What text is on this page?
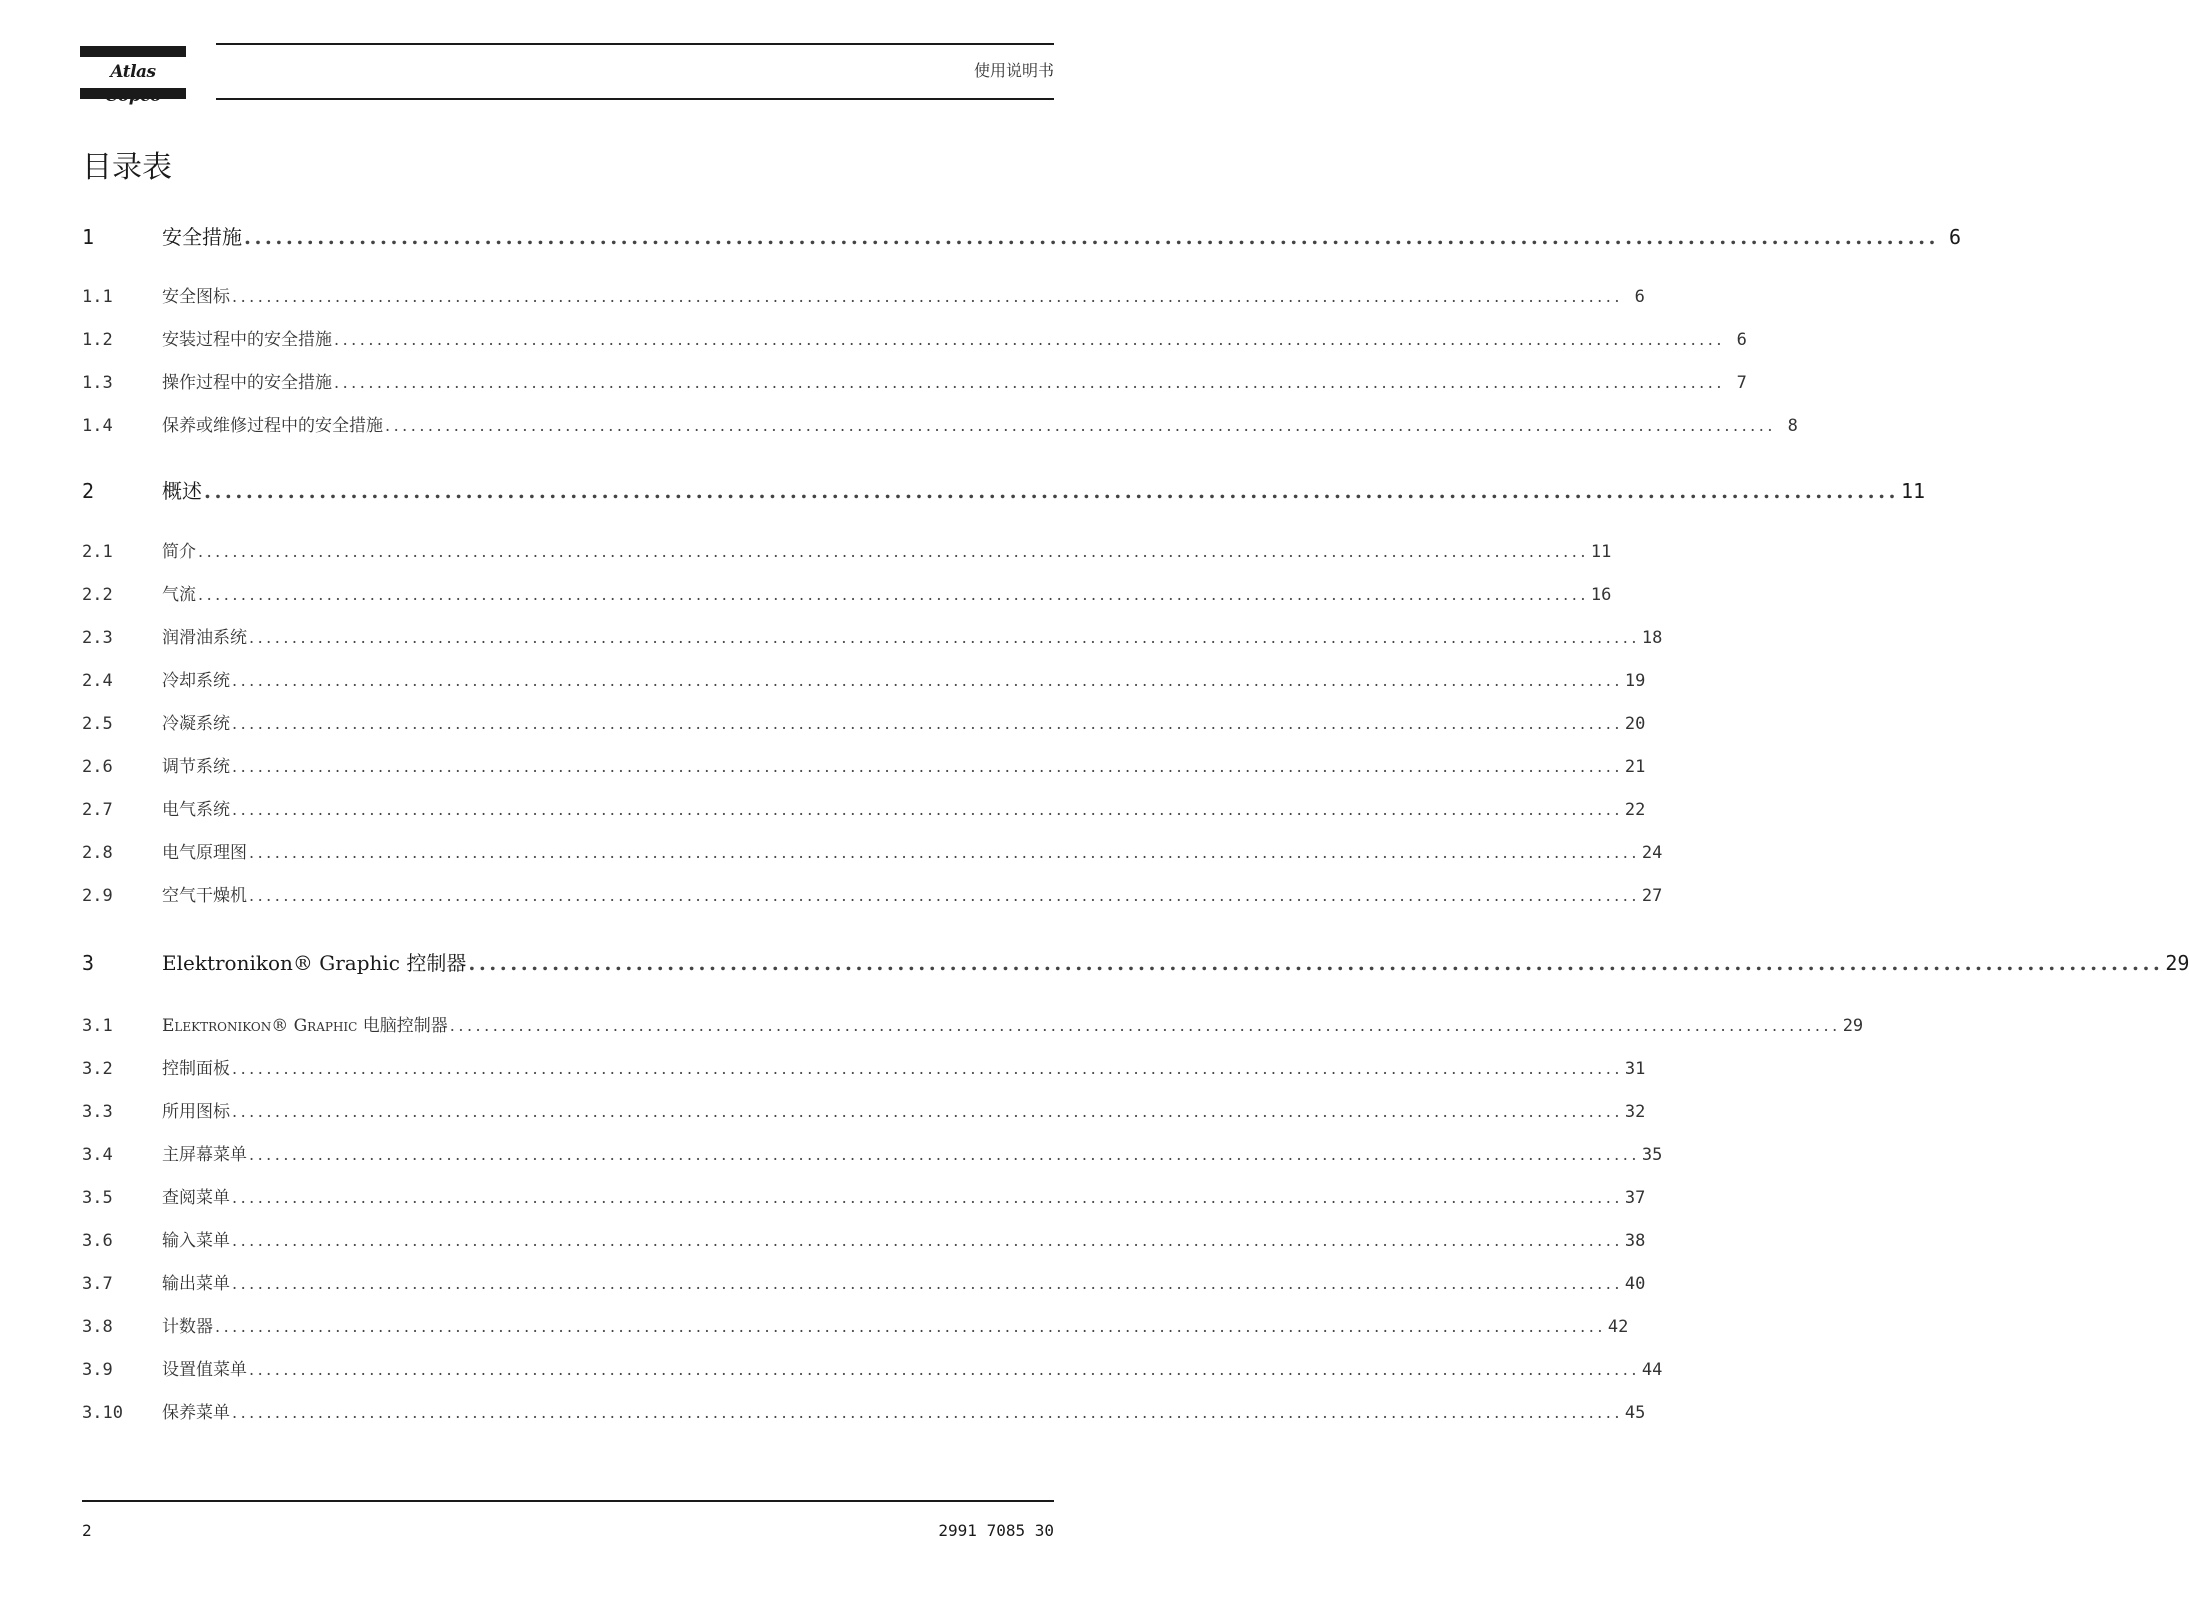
Atlas	使用说明书
目录表
1	安全措施 .................................................................................................................................................................. 6
1.1	安全图标 .................................................................................................................................................................. 6
1.2	安装过程中的安全措施 .................................................................................................................................................................. 6
1.3	操作过程中的安全措施 .................................................................................................................................................................. 7
1.4	保养或维修过程中的安全措施 .................................................................................................................................................................. 8
2	概述 .................................................................................................................................................................. 11
2.1	简介 .................................................................................................................................................................. 11
2.2	气流 .................................................................................................................................................................. 16
2.3	润滑油系统 .................................................................................................................................................................. 18
2.4	冷却系统 .................................................................................................................................................................. 19
2.5	冷凝系统 .................................................................................................................................................................. 20
2.6	调节系统 .................................................................................................................................................................. 21
2.7	电气系统 .................................................................................................................................................................. 22
2.8	电气原理图 .................................................................................................................................................................. 24
2.9	空气干燥机 .................................................................................................................................................................. 27
3	Elektronikon® Graphic 控制器 .................................................................................................................................................................. 29
3.1	Elektronikon® Graphic 电脑控制器 .................................................................................................................................................................. 29
3.2	控制面板 .................................................................................................................................................................. 31
3.3	所用图标 .................................................................................................................................................................. 32
3.4	主屏幕菜单 .................................................................................................................................................................. 35
3.5	查阅菜单 .................................................................................................................................................................. 37
3.6	输入菜单 .................................................................................................................................................................. 38
3.7	输出菜单 .................................................................................................................................................................. 40
3.8	计数器 .................................................................................................................................................................. 42
3.9	设置值菜单 .................................................................................................................................................................. 44
3.10	保养菜单 .................................................................................................................................................................. 45
2	2991 7085 30
